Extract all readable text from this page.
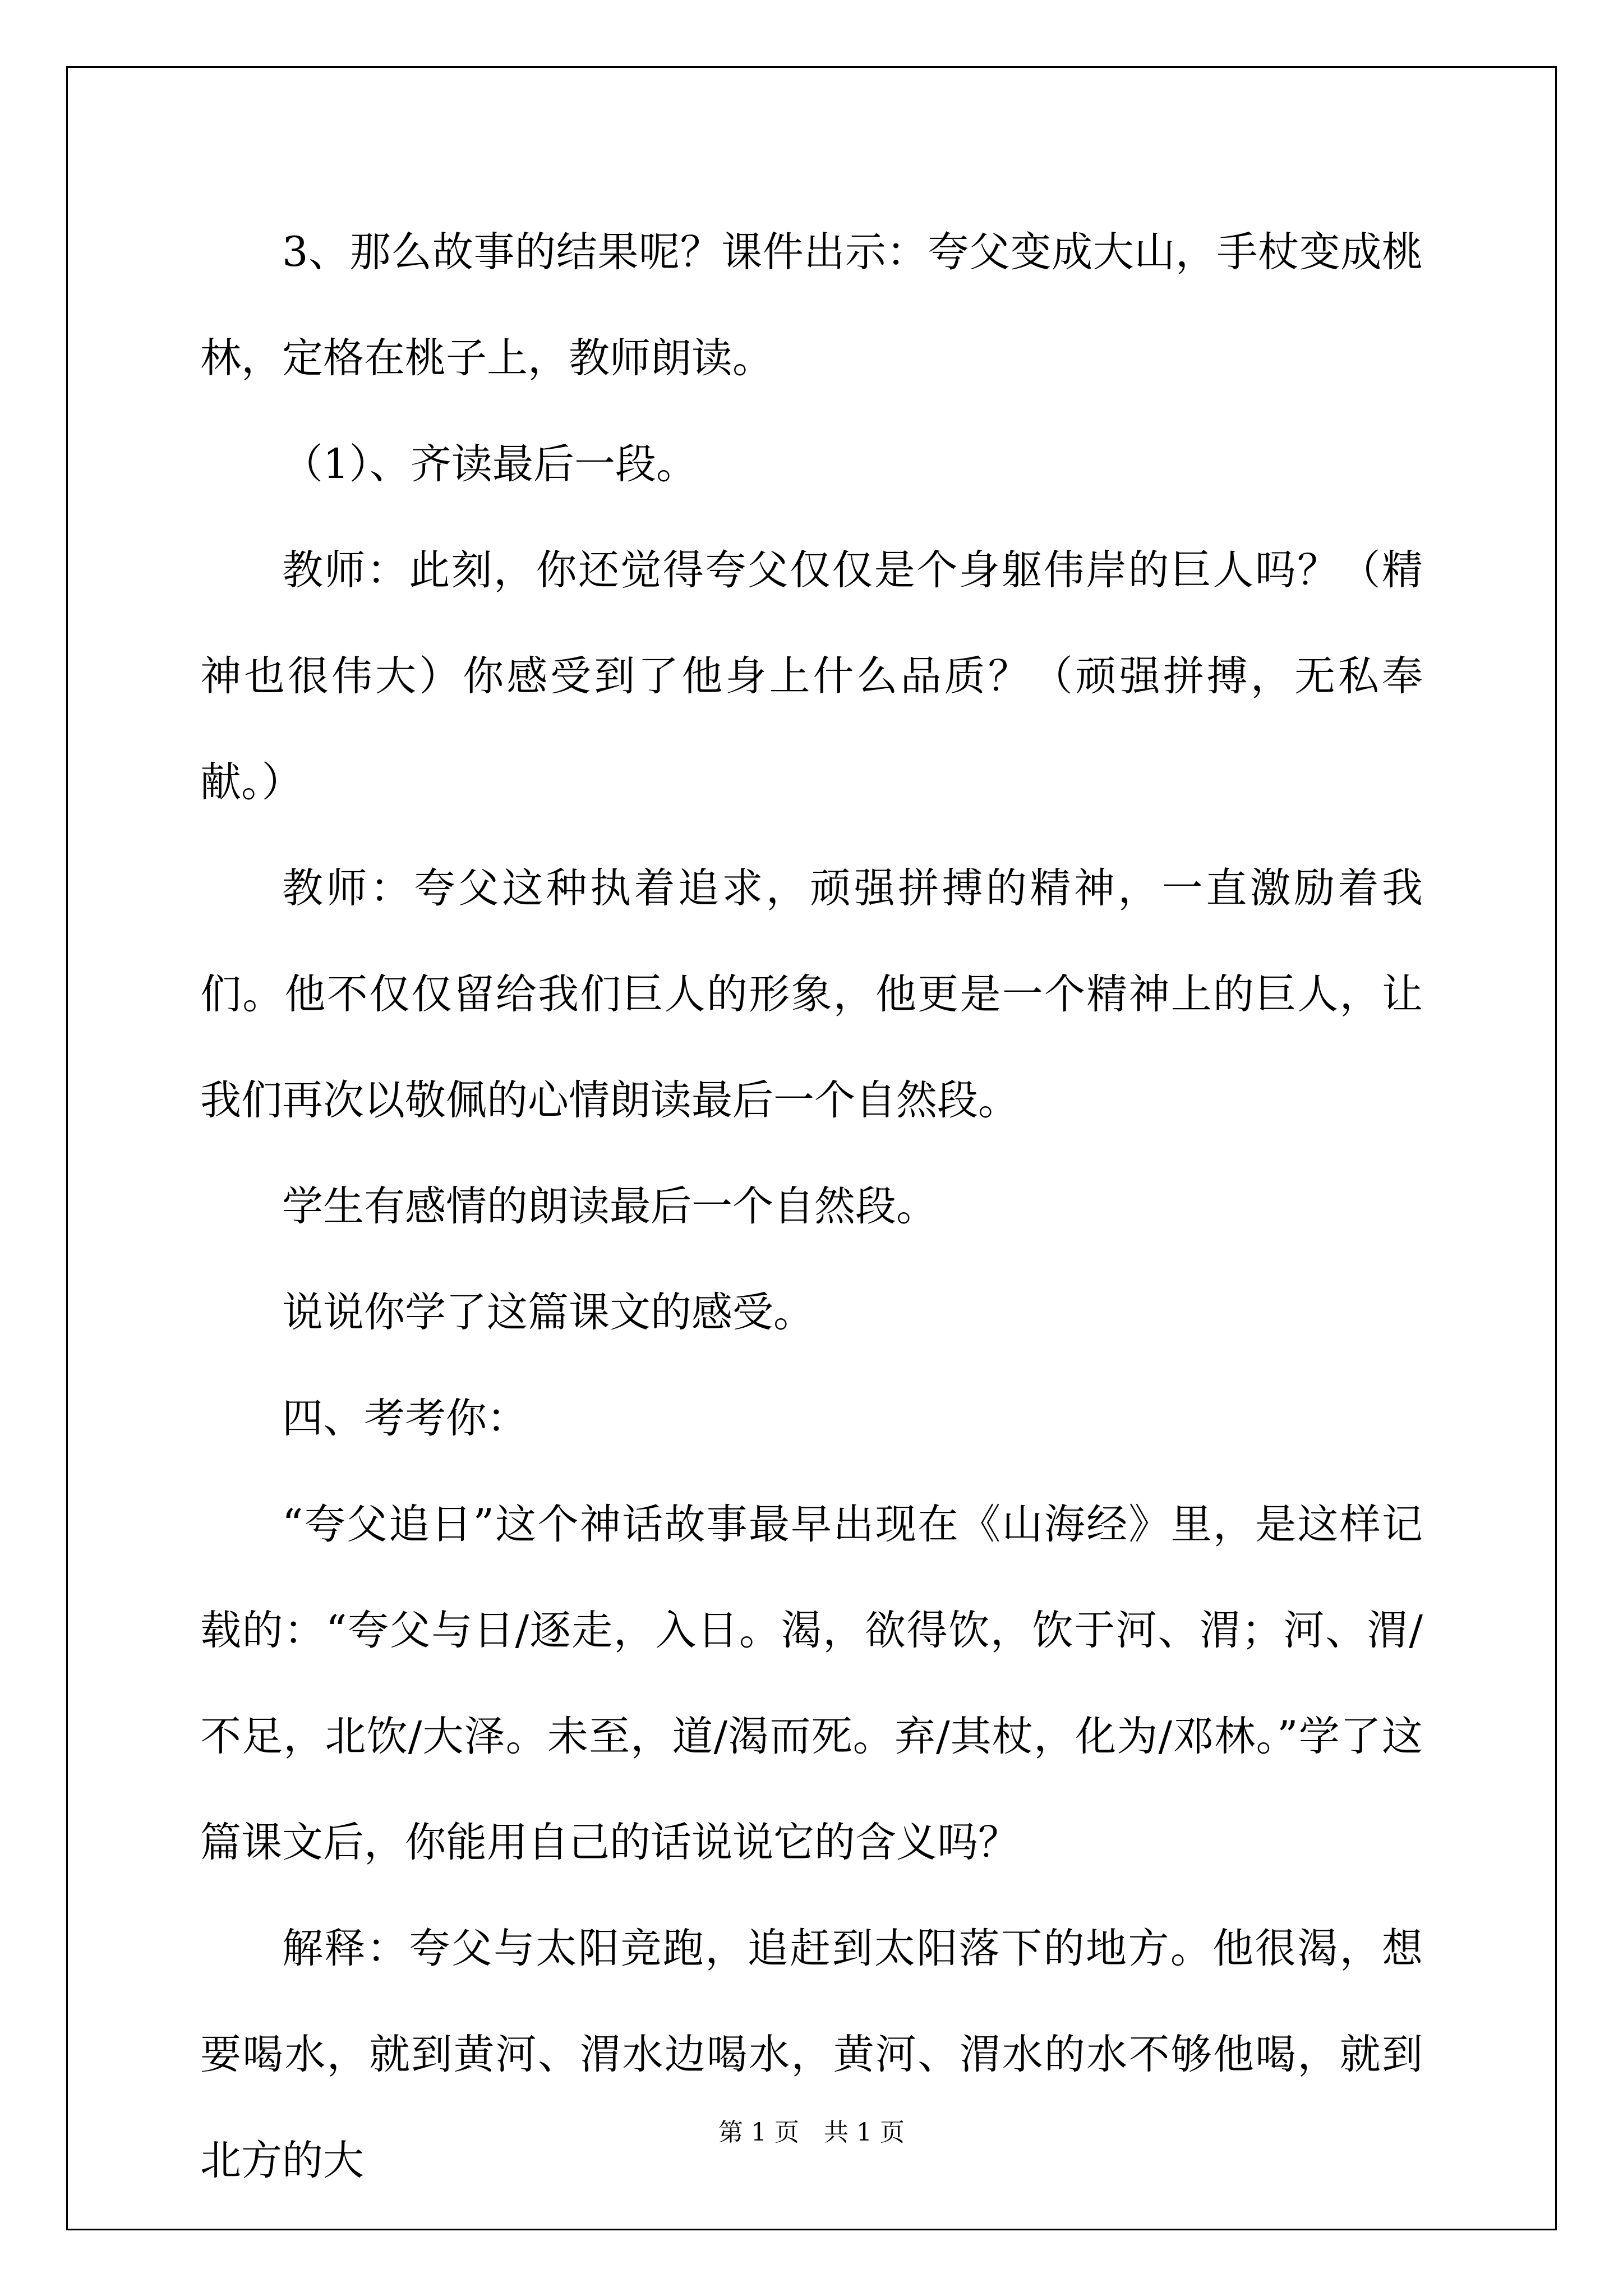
3、那么故事的结果呢？课件出示：夸父变成大山，手杖变成桃林，定格在桃子上，教师朗读。

（1）、齐读最后一段。

教师：此刻，你还觉得夸父仅仅是个身躯伟岸的巨人吗？（精神也很伟大）你感受到了他身上什么品质？（顽强拼搏，无私奉献。）

教师：夸父这种执着追求，顽强拼搏的精神，一直激励着我们。他不仅仅留给我们巨人的形象，他更是一个精神上的巨人，让我们再次以敬佩的心情朗读最后一个自然段。

学生有感情的朗读最后一个自然段。

说说你学了这篇课文的感受。

四、考考你：

“夸父追日”这个神话故事最早出现在《山海经》里，是这样记载的：“夸父与日/逐走，入日。渴，欲得饮，饮于河、渭；河、渭/不足，北饮/大泽。未至，道/渴而死。弃/其杖，化为/邓林。”学了这篇课文后，你能用自己的话说说它的含义吗？

解释：夸父与太阳竞跑，追赶到太阳落下的地方。他很渴，想要喝水，就到黄河、渭水边喝水，黄河、渭水的水不够他喝，就到北方的大

第 1 页　共 1 页
